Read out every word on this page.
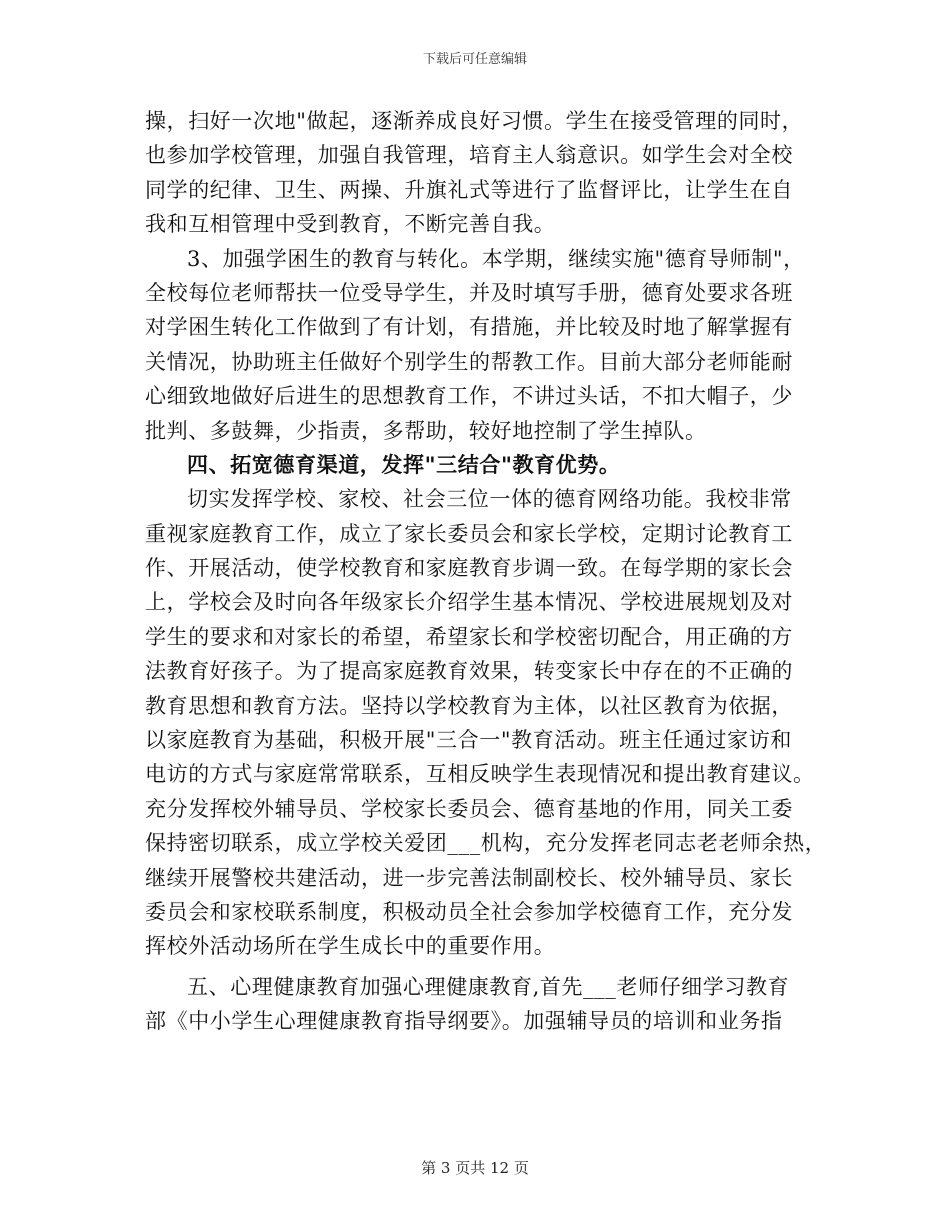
下载后可任意编辑
操，扫好一次地"做起，逐渐养成良好习惯。学生在接受管理的同时，
也参加学校管理，加强自我管理，培育主人翁意识。如学生会对全校
同学的纪律、卫生、两操、升旗礼式等进行了监督评比，让学生在自
我和互相管理中受到教育，不断完善自我。
3、加强学困生的教育与转化。本学期，继续实施"德育导师制"，
全校每位老师帮扶一位受导学生，并及时填写手册，德育处要求各班
对学困生转化工作做到了有计划，有措施，并比较及时地了解掌握有
关情况，协助班主任做好个别学生的帮教工作。目前大部分老师能耐
心细致地做好后进生的思想教育工作，不讲过头话，不扣大帽子，少
批判、多鼓舞，少指责，多帮助，较好地控制了学生掉队。
四、拓宽德育渠道，发挥"三结合"教育优势。
切实发挥学校、家校、社会三位一体的德育网络功能。我校非常
重视家庭教育工作，成立了家长委员会和家长学校，定期讨论教育工
作、开展活动，使学校教育和家庭教育步调一致。在每学期的家长会
上，学校会及时向各年级家长介绍学生基本情况、学校进展规划及对
学生的要求和对家长的希望，希望家长和学校密切配合，用正确的方
法教育好孩子。为了提高家庭教育效果，转变家长中存在的不正确的
教育思想和教育方法。坚持以学校教育为主体，以社区教育为依据，
以家庭教育为基础，积极开展"三合一"教育活动。班主任通过家访和
电访的方式与家庭常常联系，互相反映学生表现情况和提出教育建议。
充分发挥校外辅导员、学校家长委员会、德育基地的作用，同关工委
保持密切联系，成立学校关爱团___机构，充分发挥老同志老老师余热，
继续开展警校共建活动，进一步完善法制副校长、校外辅导员、家长
委员会和家校联系制度，积极动员全社会参加学校德育工作，充分发
挥校外活动场所在学生成长中的重要作用。
五、心理健康教育加强心理健康教育,首先___老师仔细学习教育
部《中小学生心理健康教育指导纲要》。加强辅导员的培训和业务指
第 3 页共 12 页
